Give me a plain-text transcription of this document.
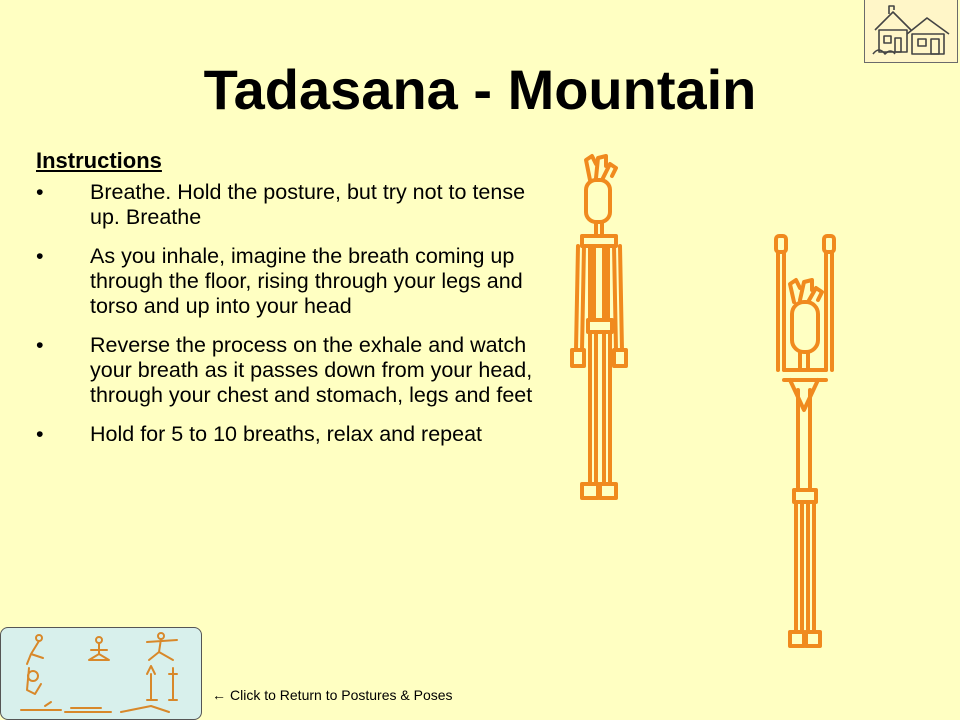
Tadasana - Mountain
Instructions
• Breathe. Hold the posture, but try not to tense up. Breathe
• As you inhale, imagine the breath coming up through the floor, rising through your legs and torso and up into your head
• Reverse the process on the exhale and watch your breath as it passes down from your head, through your chest and stomach, legs and feet
• Hold for 5 to 10 breaths, relax and repeat
← Click to Return to Postures & Poses
